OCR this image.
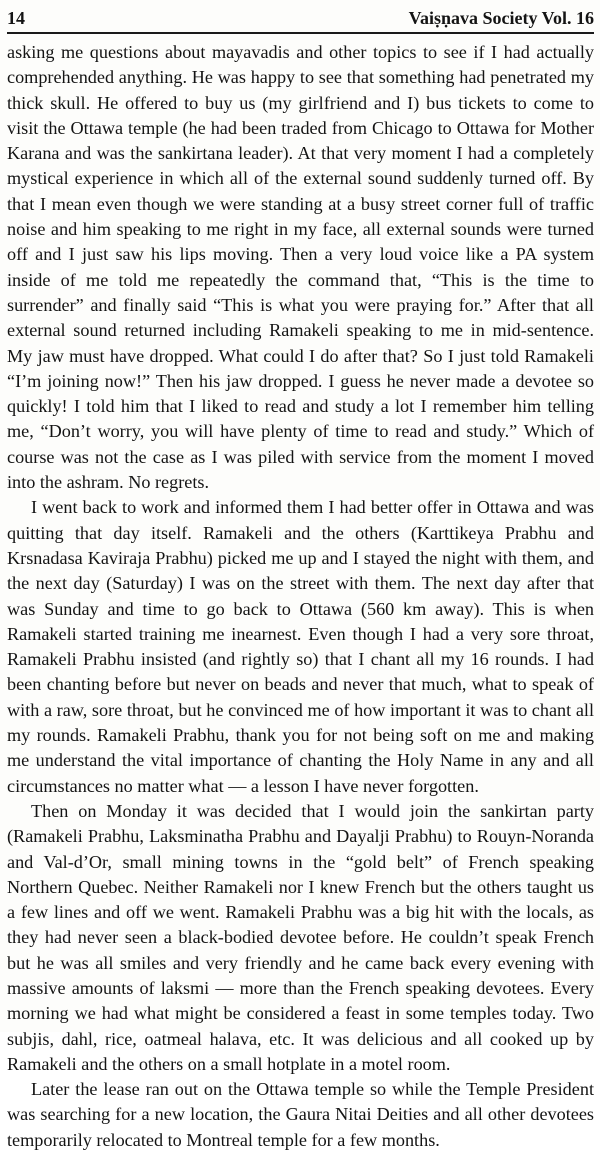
14	Vaiṣṇava Society Vol. 16

asking me questions about mayavadis and other topics to see if I had actually comprehended anything. He was happy to see that something had penetrated my thick skull. He offered to buy us (my girlfriend and I) bus tickets to come to visit the Ottawa temple (he had been traded from Chicago to Ottawa for Mother Karana and was the sankirtana leader). At that very moment I had a completely mystical experience in which all of the external sound suddenly turned off. By that I mean even though we were standing at a busy street corner full of traffic noise and him speaking to me right in my face, all external sounds were turned off and I just saw his lips moving. Then a very loud voice like a PA system inside of me told me repeatedly the command that, “This is the time to surrender” and finally said “This is what you were praying for.” After that all external sound returned including Ramakeli speaking to me in mid-sentence. My jaw must have dropped. What could I do after that? So I just told Ramakeli “I’m joining now!” Then his jaw dropped. I guess he never made a devotee so quickly! I told him that I liked to read and study a lot I remember him telling me, “Don’t worry, you will have plenty of time to read and study.” Which of course was not the case as I was piled with service from the moment I moved into the ashram. No regrets.

I went back to work and informed them I had better offer in Ottawa and was quitting that day itself. Ramakeli and the others (Karttikeya Prabhu and Krsnadasa Kaviraja Prabhu) picked me up and I stayed the night with them, and the next day (Saturday) I was on the street with them. The next day after that was Sunday and time to go back to Ottawa (560 km away). This is when Ramakeli started training me inearnest. Even though I had a very sore throat, Ramakeli Prabhu insisted (and rightly so) that I chant all my 16 rounds. I had been chanting before but never on beads and never that much, what to speak of with a raw, sore throat, but he convinced me of how important it was to chant all my rounds. Ramakeli Prabhu, thank you for not being soft on me and making me understand the vital importance of chanting the Holy Name in any and all circumstances no matter what — a lesson I have never forgotten.

Then on Monday it was decided that I would join the sankirtan party (Ramakeli Prabhu, Laksminatha Prabhu and Dayalji Prabhu) to Rouyn-Noranda and Val-d’Or, small mining towns in the “gold belt” of French speaking Northern Quebec. Neither Ramakeli nor I knew French but the others taught us a few lines and off we went. Ramakeli Prabhu was a big hit with the locals, as they had never seen a black-bodied devotee before. He couldn’t speak French but he was all smiles and very friendly and he came back every evening with massive amounts of laksmi — more than the French speaking devotees. Every morning we had what might be considered a feast in some temples today. Two subjis, dahl, rice, oatmeal halava, etc. It was delicious and all cooked up by Ramakeli and the others on a small hotplate in a motel room.

Later the lease ran out on the Ottawa temple so while the Temple President was searching for a new location, the Gaura Nitai Deities and all other devotees temporarily relocated to Montreal temple for a few months.
